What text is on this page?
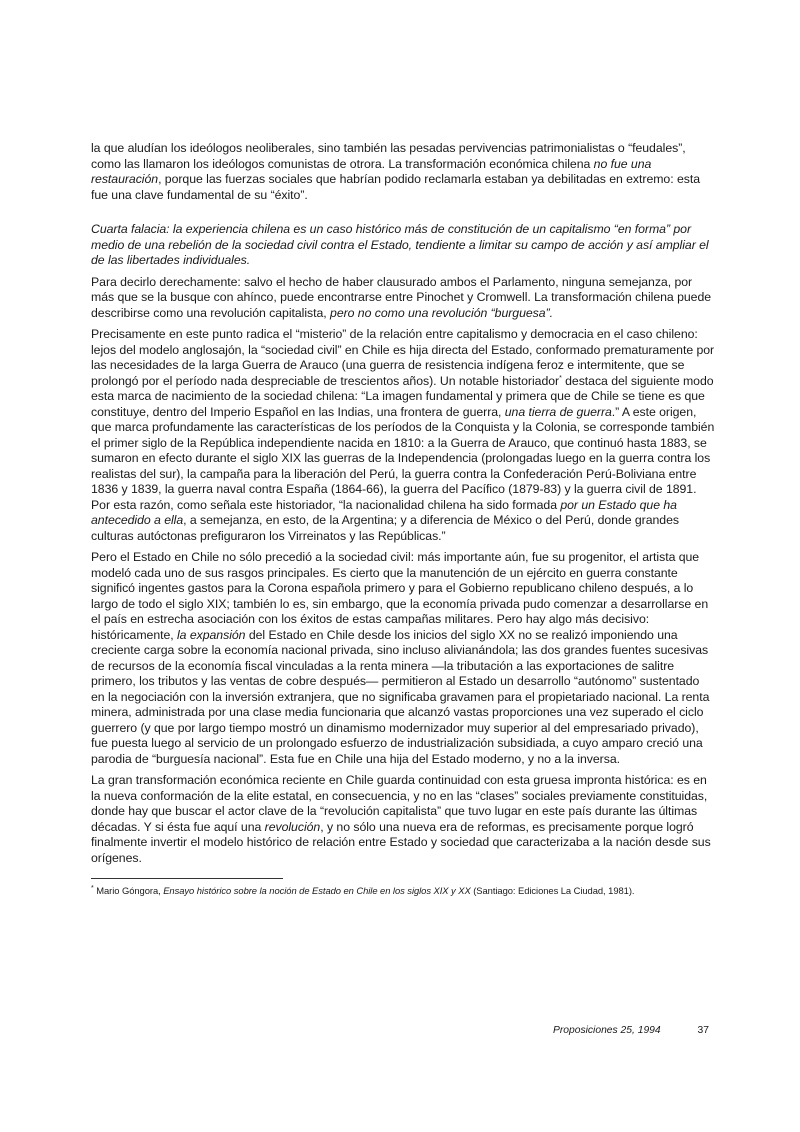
la que aludían los ideólogos neoliberales, sino también las pesadas pervivencias patrimonialistas o “feudales”, como las llamaron los ideólogos comunistas de otrora. La transformación económica chilena no fue una restauración, porque las fuerzas sociales que habrían podido reclamarla estaban ya debilitadas en extremo: esta fue una clave fundamental de su “éxito”.

Cuarta falacia: la experiencia chilena es un caso histórico más de constitución de un capitalismo “en forma” por medio de una rebelión de la sociedad civil contra el Estado, tendiente a limitar su campo de acción y así ampliar el de las libertades individuales.

Para decirlo derechamente: salvo el hecho de haber clausurado ambos el Parlamento, ninguna semejanza, por más que se la busque con ahínco, puede encontrarse entre Pinochet y Cromwell. La transformación chilena puede describirse como una revolución capitalista, pero no como una revolución “burguesa”.

Precisamente en este punto radica el “misterio” de la relación entre capitalismo y democracia en el caso chileno: lejos del modelo anglosajón, la “sociedad civil” en Chile es hija directa del Estado, conformado prematuramente por las necesidades de la larga Guerra de Arauco (una guerra de resistencia indígena feroz e intermitente, que se prolongó por el período nada despreciable de trescientos años). Un notable historiador* destaca del siguiente modo esta marca de nacimiento de la sociedad chilena: “La imagen fundamental y primera que de Chile se tiene es que constituye, dentro del Imperio Español en las Indias, una frontera de guerra, una tierra de guerra.” A este origen, que marca profundamente las características de los períodos de la Conquista y la Colonia, se corresponde también el primer siglo de la República independiente nacida en 1810: a la Guerra de Arauco, que continuó hasta 1883, se sumaron en efecto durante el siglo XIX las guerras de la Independencia (prolongadas luego en la guerra contra los realistas del sur), la campaña para la liberación del Perú, la guerra contra la Confederación Perú-Boliviana entre 1836 y 1839, la guerra naval contra España (1864-66), la guerra del Pacífico (1879-83) y la guerra civil de 1891. Por esta razón, como señala este historiador, “la nacionalidad chilena ha sido formada por un Estado que ha antecedido a ella, a semejanza, en esto, de la Argentina; y a diferencia de México o del Perú, donde grandes culturas autóctonas prefiguraron los Virreinatos y las Repúblicas.”

Pero el Estado en Chile no sólo precedió a la sociedad civil: más importante aún, fue su progenitor, el artista que modeló cada uno de sus rasgos principales. Es cierto que la manutención de un ejército en guerra constante significó ingentes gastos para la Corona española primero y para el Gobierno republicano chileno después, a lo largo de todo el siglo XIX; también lo es, sin embargo, que la economía privada pudo comenzar a desarrollarse en el país en estrecha asociación con los éxitos de estas campañas militares. Pero hay algo más decisivo: históricamente, la expansión del Estado en Chile desde los inicios del siglo XX no se realizó imponiendo una creciente carga sobre la economía nacional privada, sino incluso alivianándola; las dos grandes fuentes sucesivas de recursos de la economía fiscal vinculadas a la renta minera —la tributación a las exportaciones de salitre primero, los tributos y las ventas de cobre después— permitieron al Estado un desarrollo “autónomo” sustentado en la negociación con la inversión extranjera, que no significaba gravamen para el propietariado nacional. La renta minera, administrada por una clase media funcionaria que alcanzó vastas proporciones una vez superado el ciclo guerrero (y que por largo tiempo mostró un dinamismo modernizador muy superior al del empresariado privado), fue puesta luego al servicio de un prolongado esfuerzo de industrialización subsidiada, a cuyo amparo creció una parodia de “burguesía nacional”. Esta fue en Chile una hija del Estado moderno, y no a la inversa.

La gran transformación económica reciente en Chile guarda continuidad con esta gruesa impronta histórica: es en la nueva conformación de la elite estatal, en consecuencia, y no en las “clases” sociales previamente constituidas, donde hay que buscar el actor clave de la “revolución capitalista” que tuvo lugar en este país durante las últimas décadas. Y si ésta fue aquí una revolución, y no sólo una nueva era de reformas, es precisamente porque logró finalmente invertir el modelo histórico de relación entre Estado y sociedad que caracterizaba a la nación desde sus orígenes.

* Mario Góngora, Ensayo histórico sobre la noción de Estado en Chile en los siglos XIX y XX (Santiago: Ediciones La Ciudad, 1981).

Proposiciones 25, 1994	37
